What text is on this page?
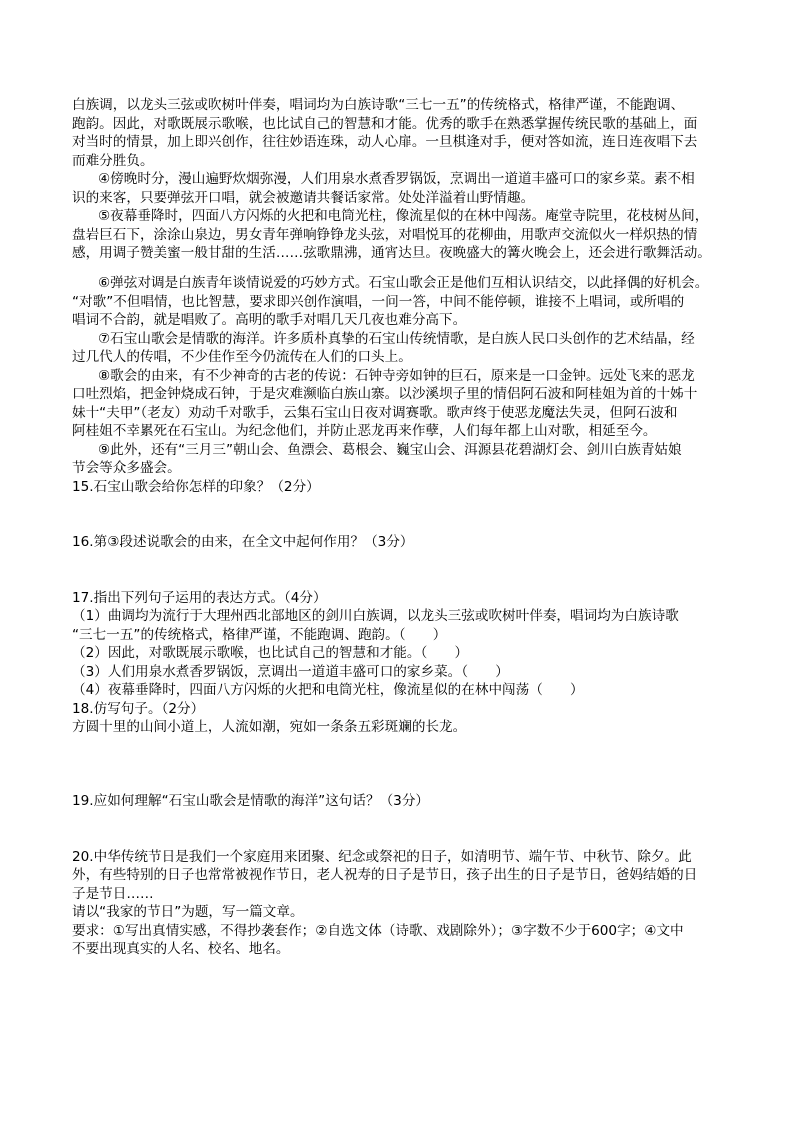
白族调，以龙头三弦或吹树叶伴奏，唱词均为白族诗歌“三七一五”的传统格式，格律严谨，不能跑调、
跑韵。因此，对歌既展示歌喉，也比试自己的智慧和才能。优秀的歌手在熟悉掌握传统民歌的基础上，面
对当时的情景，加上即兴创作，往往妙语连珠，动人心扉。一旦棋逢对手，便对答如流，连日连夜唱下去
而难分胜负。
④傍晚时分，漫山遍野炊烟弥漫，人们用泉水煮香罗锅饭，烹调出一道道丰盛可口的家乡菜。素不相
识的来客，只要弹弦开口唱，就会被邀请共餐话家常。处处洋溢着山野情趣。
⑤夜幕垂降时，四面八方闪烁的火把和电筒光柱，像流星似的在林中闯荡。庵堂寺院里，花枝树丛间，
盘岩巨石下，涂涂山泉边，男女青年弹响铮铮龙头弦，对唱悦耳的花柳曲，用歌声交流似火一样炽热的情
感，用调子赞美蜜一般甘甜的生活……弦歌鼎沸，通宵达旦。夜晚盛大的篝火晚会上，还会进行歌舞活动。
⑥弹弦对调是白族青年谈情说爱的巧妙方式。石宝山歌会正是他们互相认识结交，以此择偶的好机会。
“对歌”不但唱情，也比智慧，要求即兴创作演唱，一问一答，中间不能停顿，谁接不上唱词，或所唱的
唱词不合韵，就是唱败了。高明的歌手对唱几天几夜也难分高下。
⑦石宝山歌会是情歌的海洋。许多质朴真挚的石宝山传统情歌，是白族人民口头创作的艺术结晶，经
过几代人的传唱，不少佳作至今仍流传在人们的口头上。
⑧歌会的由来，有不少神奇的古老的传说：石钟寺旁如钟的巨石，原来是一口金钟。远处飞来的恶龙
口吐烈焰，把金钟烧成石钟，于是灾难濒临白族山寨。以沙溪坝子里的情侣阿石波和阿桂姐为首的十姊十
妹十“夫甲”（老友）劝动千对歌手，云集石宝山日夜对调赛歌。歌声终于使恶龙魔法失灵，但阿石波和
阿桂姐不幸累死在石宝山。为纪念他们，并防止恶龙再来作孽，人们每年都上山对歌，相延至今。
⑨此外，还有“三月三”朝山会、鱼漂会、葛根会、巍宝山会、洱源县花碧湖灯会、剑川白族青姑娘
节会等众多盛会。
15.石宝山歌会给你怎样的印象？（2分）
16.第③段述说歌会的由来，在全文中起何作用？（3分）
17.指出下列句子运用的表达方式。（4分）
（1）曲调均为流行于大理州西北部地区的剑川白族调，以龙头三弦或吹树叶伴奏，唱词均为白族诗歌
“三七一五”的传统格式，格律严谨，不能跑调、跑韵。（　　）
（2）因此，对歌既展示歌喉，也比试自己的智慧和才能。（　　）
（3）人们用泉水煮香罗锅饭，烹调出一道道丰盛可口的家乡菜。（　　）
（4）夜幕垂降时，四面八方闪烁的火把和电筒光柱，像流星似的在林中闯荡（　　）
18.仿写句子。（2分）
方圆十里的山间小道上，人流如潮，宛如一条条五彩斑斓的长龙。
19.应如何理解“石宝山歌会是情歌的海洋”这句话？（3分）
20.中华传统节日是我们一个家庭用来团聚、纪念或祭祀的日子，如清明节、端午节、中秋节、除夕。此
外，有些特别的日子也常常被视作节日，老人祝寿的日子是节日，孩子出生的日子是节日，爸妈结婚的日
子是节日……
请以“我家的节日”为题，写一篇文章。
要求：①写出真情实感，不得抄袭套作；②自选文体（诗歌、戏剧除外）；③字数不少于600字；④文中
不要出现真实的人名、校名、地名。
